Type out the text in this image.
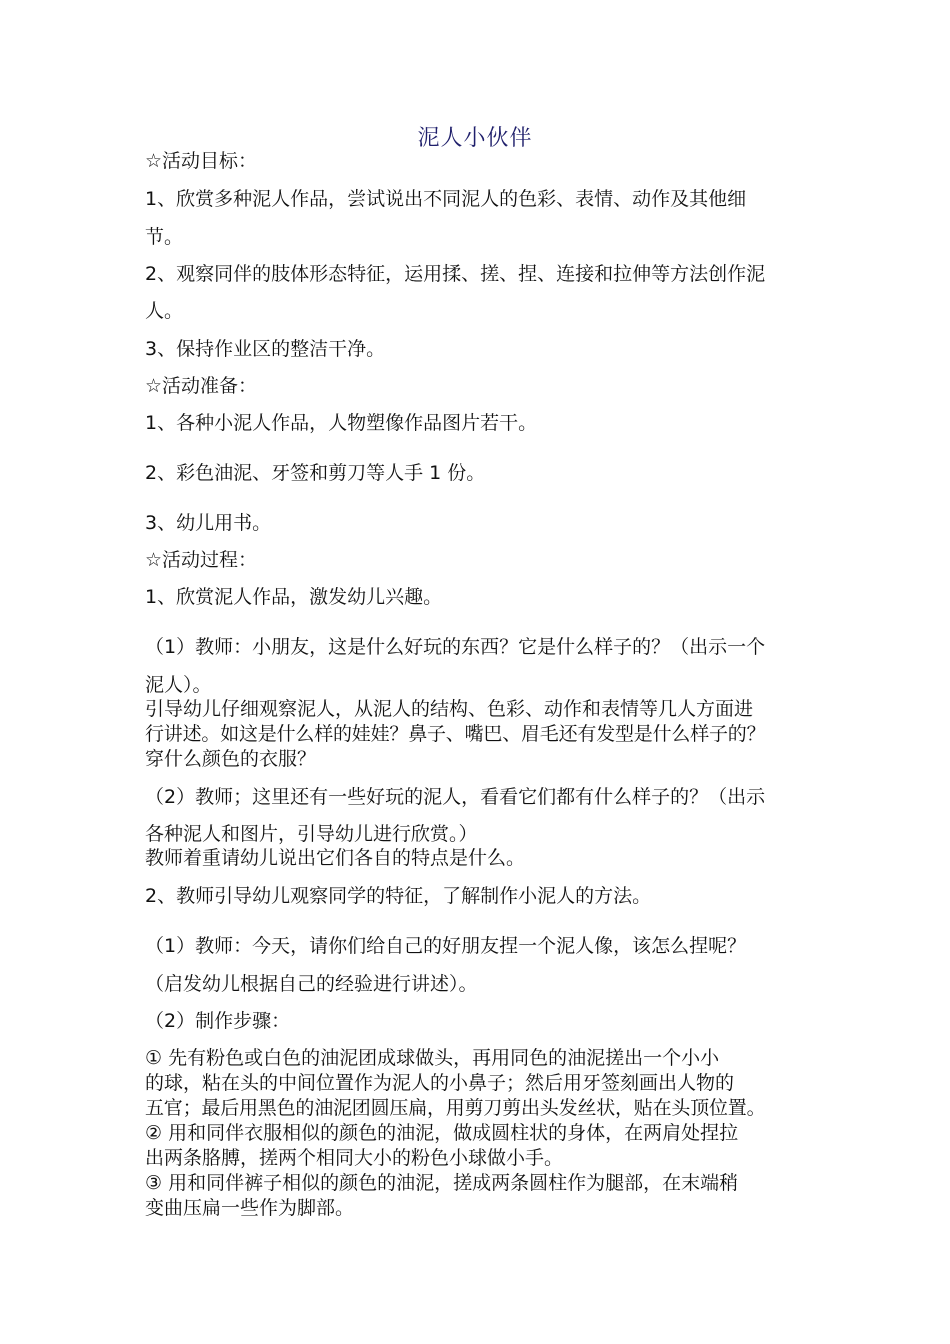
泥人小伙伴
☆活动目标：
1、欣赏多种泥人作品，尝试说出不同泥人的色彩、表情、动作及其他细
节。
2、观察同伴的肢体形态特征，运用揉、搓、捏、连接和拉伸等方法创作泥
人。
3、保持作业区的整洁干净。
☆活动准备：
1、各种小泥人作品，人物塑像作品图片若干。
2、彩色油泥、牙签和剪刀等人手 1 份。
3、幼儿用书。
☆活动过程：
1、欣赏泥人作品，激发幼儿兴趣。
（1）教师：小朋友，这是什么好玩的东西？它是什么样子的？（出示一个
泥人）。
引导幼儿仔细观察泥人，从泥人的结构、色彩、动作和表情等几人方面进
行讲述。如这是什么样的娃娃？鼻子、嘴巴、眉毛还有发型是什么样子的？
穿什么颜色的衣服？
（2）教师；这里还有一些好玩的泥人，看看它们都有什么样子的？（出示
各种泥人和图片，引导幼儿进行欣赏。）
教师着重请幼儿说出它们各自的特点是什么。
2、教师引导幼儿观察同学的特征，了解制作小泥人的方法。
（1）教师：今天，请你们给自己的好朋友捏一个泥人像，该怎么捏呢？
（启发幼儿根据自己的经验进行讲述）。
（2）制作步骤：
① 先有粉色或白色的油泥团成球做头，再用同色的油泥搓出一个小小
的球，粘在头的中间位置作为泥人的小鼻子；然后用牙签刻画出人物的
五官；最后用黑色的油泥团圆压扁，用剪刀剪出头发丝状，贴在头顶位置。
② 用和同伴衣服相似的颜色的油泥，做成圆柱状的身体，在两肩处捏拉
出两条胳膊，搓两个相同大小的粉色小球做小手。
③ 用和同伴裤子相似的颜色的油泥，搓成两条圆柱作为腿部，在末端稍
变曲压扁一些作为脚部。
